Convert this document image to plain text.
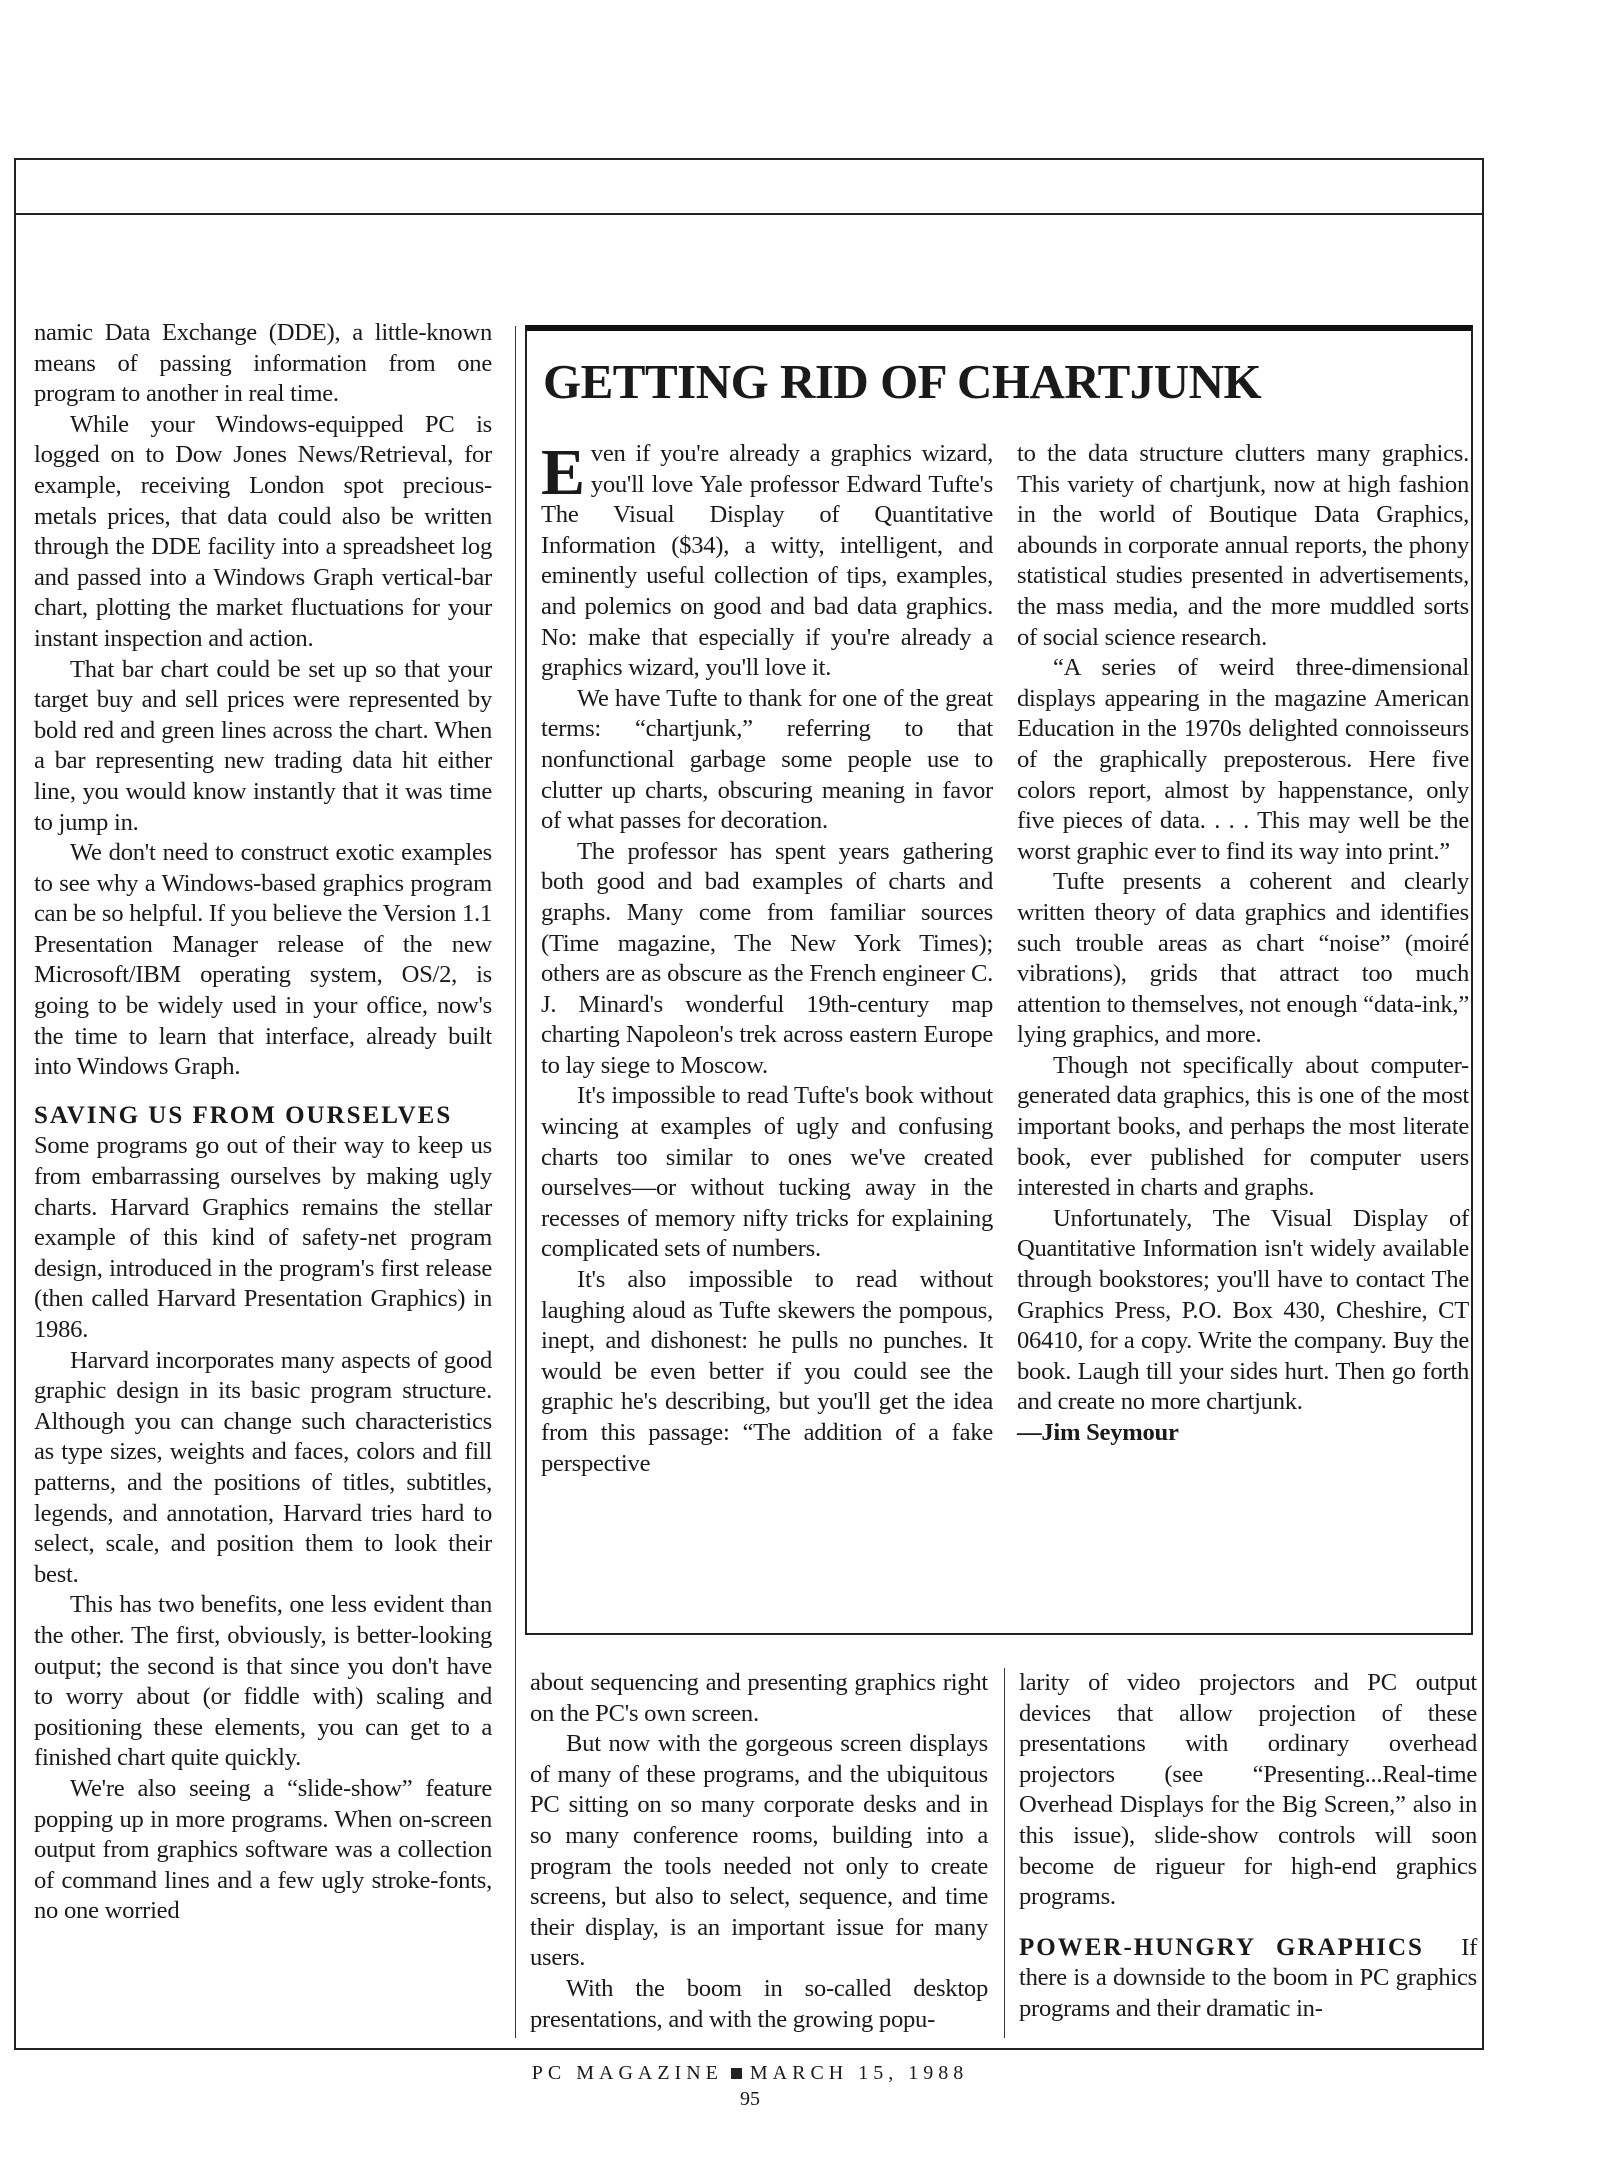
namic Data Exchange (DDE), a little-known means of passing information from one program to another in real time.

While your Windows-equipped PC is logged on to Dow Jones News/Retrieval, for example, receiving London spot precious-metals prices, that data could also be written through the DDE facility into a spreadsheet log and passed into a Windows Graph vertical-bar chart, plotting the market fluctuations for your instant inspection and action.

That bar chart could be set up so that your target buy and sell prices were represented by bold red and green lines across the chart. When a bar representing new trading data hit either line, you would know instantly that it was time to jump in.

We don't need to construct exotic examples to see why a Windows-based graphics program can be so helpful. If you believe the Version 1.1 Presentation Manager release of the new Microsoft/IBM operating system, OS/2, is going to be widely used in your office, now's the time to learn that interface, already built into Windows Graph.

SAVING US FROM OURSELVES

Some programs go out of their way to keep us from embarrassing ourselves by making ugly charts. Harvard Graphics remains the stellar example of this kind of safety-net program design, introduced in the program's first release (then called Harvard Presentation Graphics) in 1986.

Harvard incorporates many aspects of good graphic design in its basic program structure. Although you can change such characteristics as type sizes, weights and faces, colors and fill patterns, and the positions of titles, subtitles, legends, and annotation, Harvard tries hard to select, scale, and position them to look their best.

This has two benefits, one less evident than the other. The first, obviously, is better-looking output; the second is that since you don't have to worry about (or fiddle with) scaling and positioning these elements, you can get to a finished chart quite quickly.

We're also seeing a “slide-show” feature popping up in more programs. When on-screen output from graphics software was a collection of command lines and a few ugly stroke-fonts, no one worried

GETTING RID OF CHARTJUNK

Even if you're already a graphics wizard, you'll love Yale professor Edward Tufte's The Visual Display of Quantitative Information ($34), a witty, intelligent, and eminently useful collection of tips, examples, and polemics on good and bad data graphics. No: make that especially if you're already a graphics wizard, you'll love it.

We have Tufte to thank for one of the great terms: “chartjunk,” referring to that nonfunctional garbage some people use to clutter up charts, obscuring meaning in favor of what passes for decoration.

The professor has spent years gathering both good and bad examples of charts and graphs. Many come from familiar sources (Time magazine, The New York Times); others are as obscure as the French engineer C. J. Minard's wonderful 19th-century map charting Napoleon's trek across eastern Europe to lay siege to Moscow.

It's impossible to read Tufte's book without wincing at examples of ugly and confusing charts too similar to ones we've created ourselves—or without tucking away in the recesses of memory nifty tricks for explaining complicated sets of numbers.

It's also impossible to read without laughing aloud as Tufte skewers the pompous, inept, and dishonest: he pulls no punches. It would be even better if you could see the graphic he's describing, but you'll get the idea from this passage: “The addition of a fake perspective

to the data structure clutters many graphics. This variety of chartjunk, now at high fashion in the world of Boutique Data Graphics, abounds in corporate annual reports, the phony statistical studies presented in advertisements, the mass media, and the more muddled sorts of social science research.

“A series of weird three-dimensional displays appearing in the magazine American Education in the 1970s delighted connoisseurs of the graphically preposterous. Here five colors report, almost by happenstance, only five pieces of data. . . . This may well be the worst graphic ever to find its way into print.”

Tufte presents a coherent and clearly written theory of data graphics and identifies such trouble areas as chart “noise” (moiré vibrations), grids that attract too much attention to themselves, not enough “data-ink,” lying graphics, and more.

Though not specifically about computer-generated data graphics, this is one of the most important books, and perhaps the most literate book, ever published for computer users interested in charts and graphs.

Unfortunately, The Visual Display of Quantitative Information isn't widely available through bookstores; you'll have to contact The Graphics Press, P.O. Box 430, Cheshire, CT 06410, for a copy. Write the company. Buy the book. Laugh till your sides hurt. Then go forth and create no more chartjunk.

—Jim Seymour

about sequencing and presenting graphics right on the PC's own screen.

But now with the gorgeous screen displays of many of these programs, and the ubiquitous PC sitting on so many corporate desks and in so many conference rooms, building into a program the tools needed not only to create screens, but also to select, sequence, and time their display, is an important issue for many users.

With the boom in so-called desktop presentations, and with the growing popu-

larity of video projectors and PC output devices that allow projection of these presentations with ordinary overhead projectors (see “Presenting...Real-time Overhead Displays for the Big Screen,” also in this issue), slide-show controls will soon become de rigueur for high-end graphics programs.

POWER-HUNGRY GRAPHICS If there is a downside to the boom in PC graphics programs and their dramatic in-

PC MAGAZINE MARCH 15, 1988
95
